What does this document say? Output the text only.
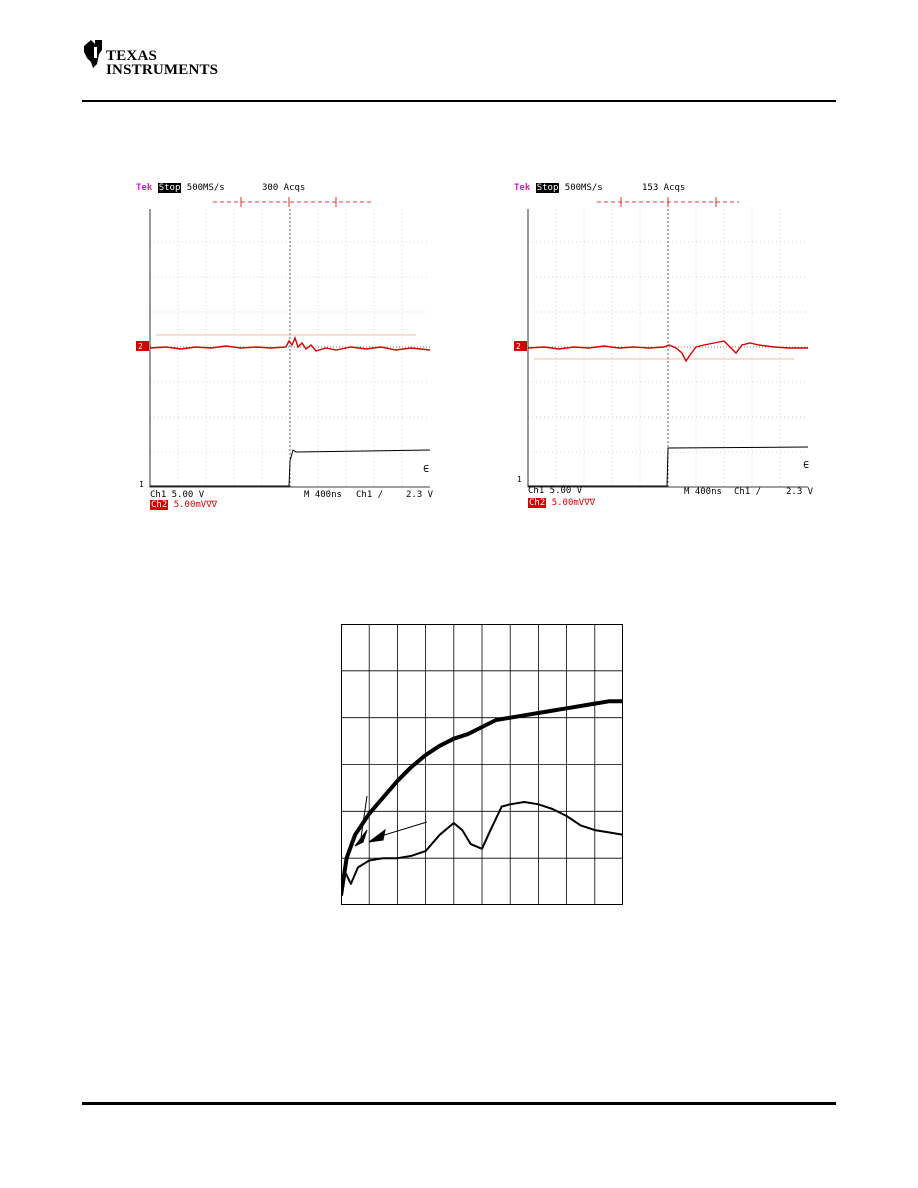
TEXAS
INSTRUMENTS
Tek Stop 500MS/s	300 Acqs
2
1
∈
Ch1 5.00 V
Ch2 5.00mV∇∇
M 400ns Ch1 ∕	2.3 V
Tek Stop 500MS/s	153 Acqs
2
1
∈
Ch1 5.00 V
Ch2 5.00mV∇∇
M 400ns Ch1 ∕	2.3 V
